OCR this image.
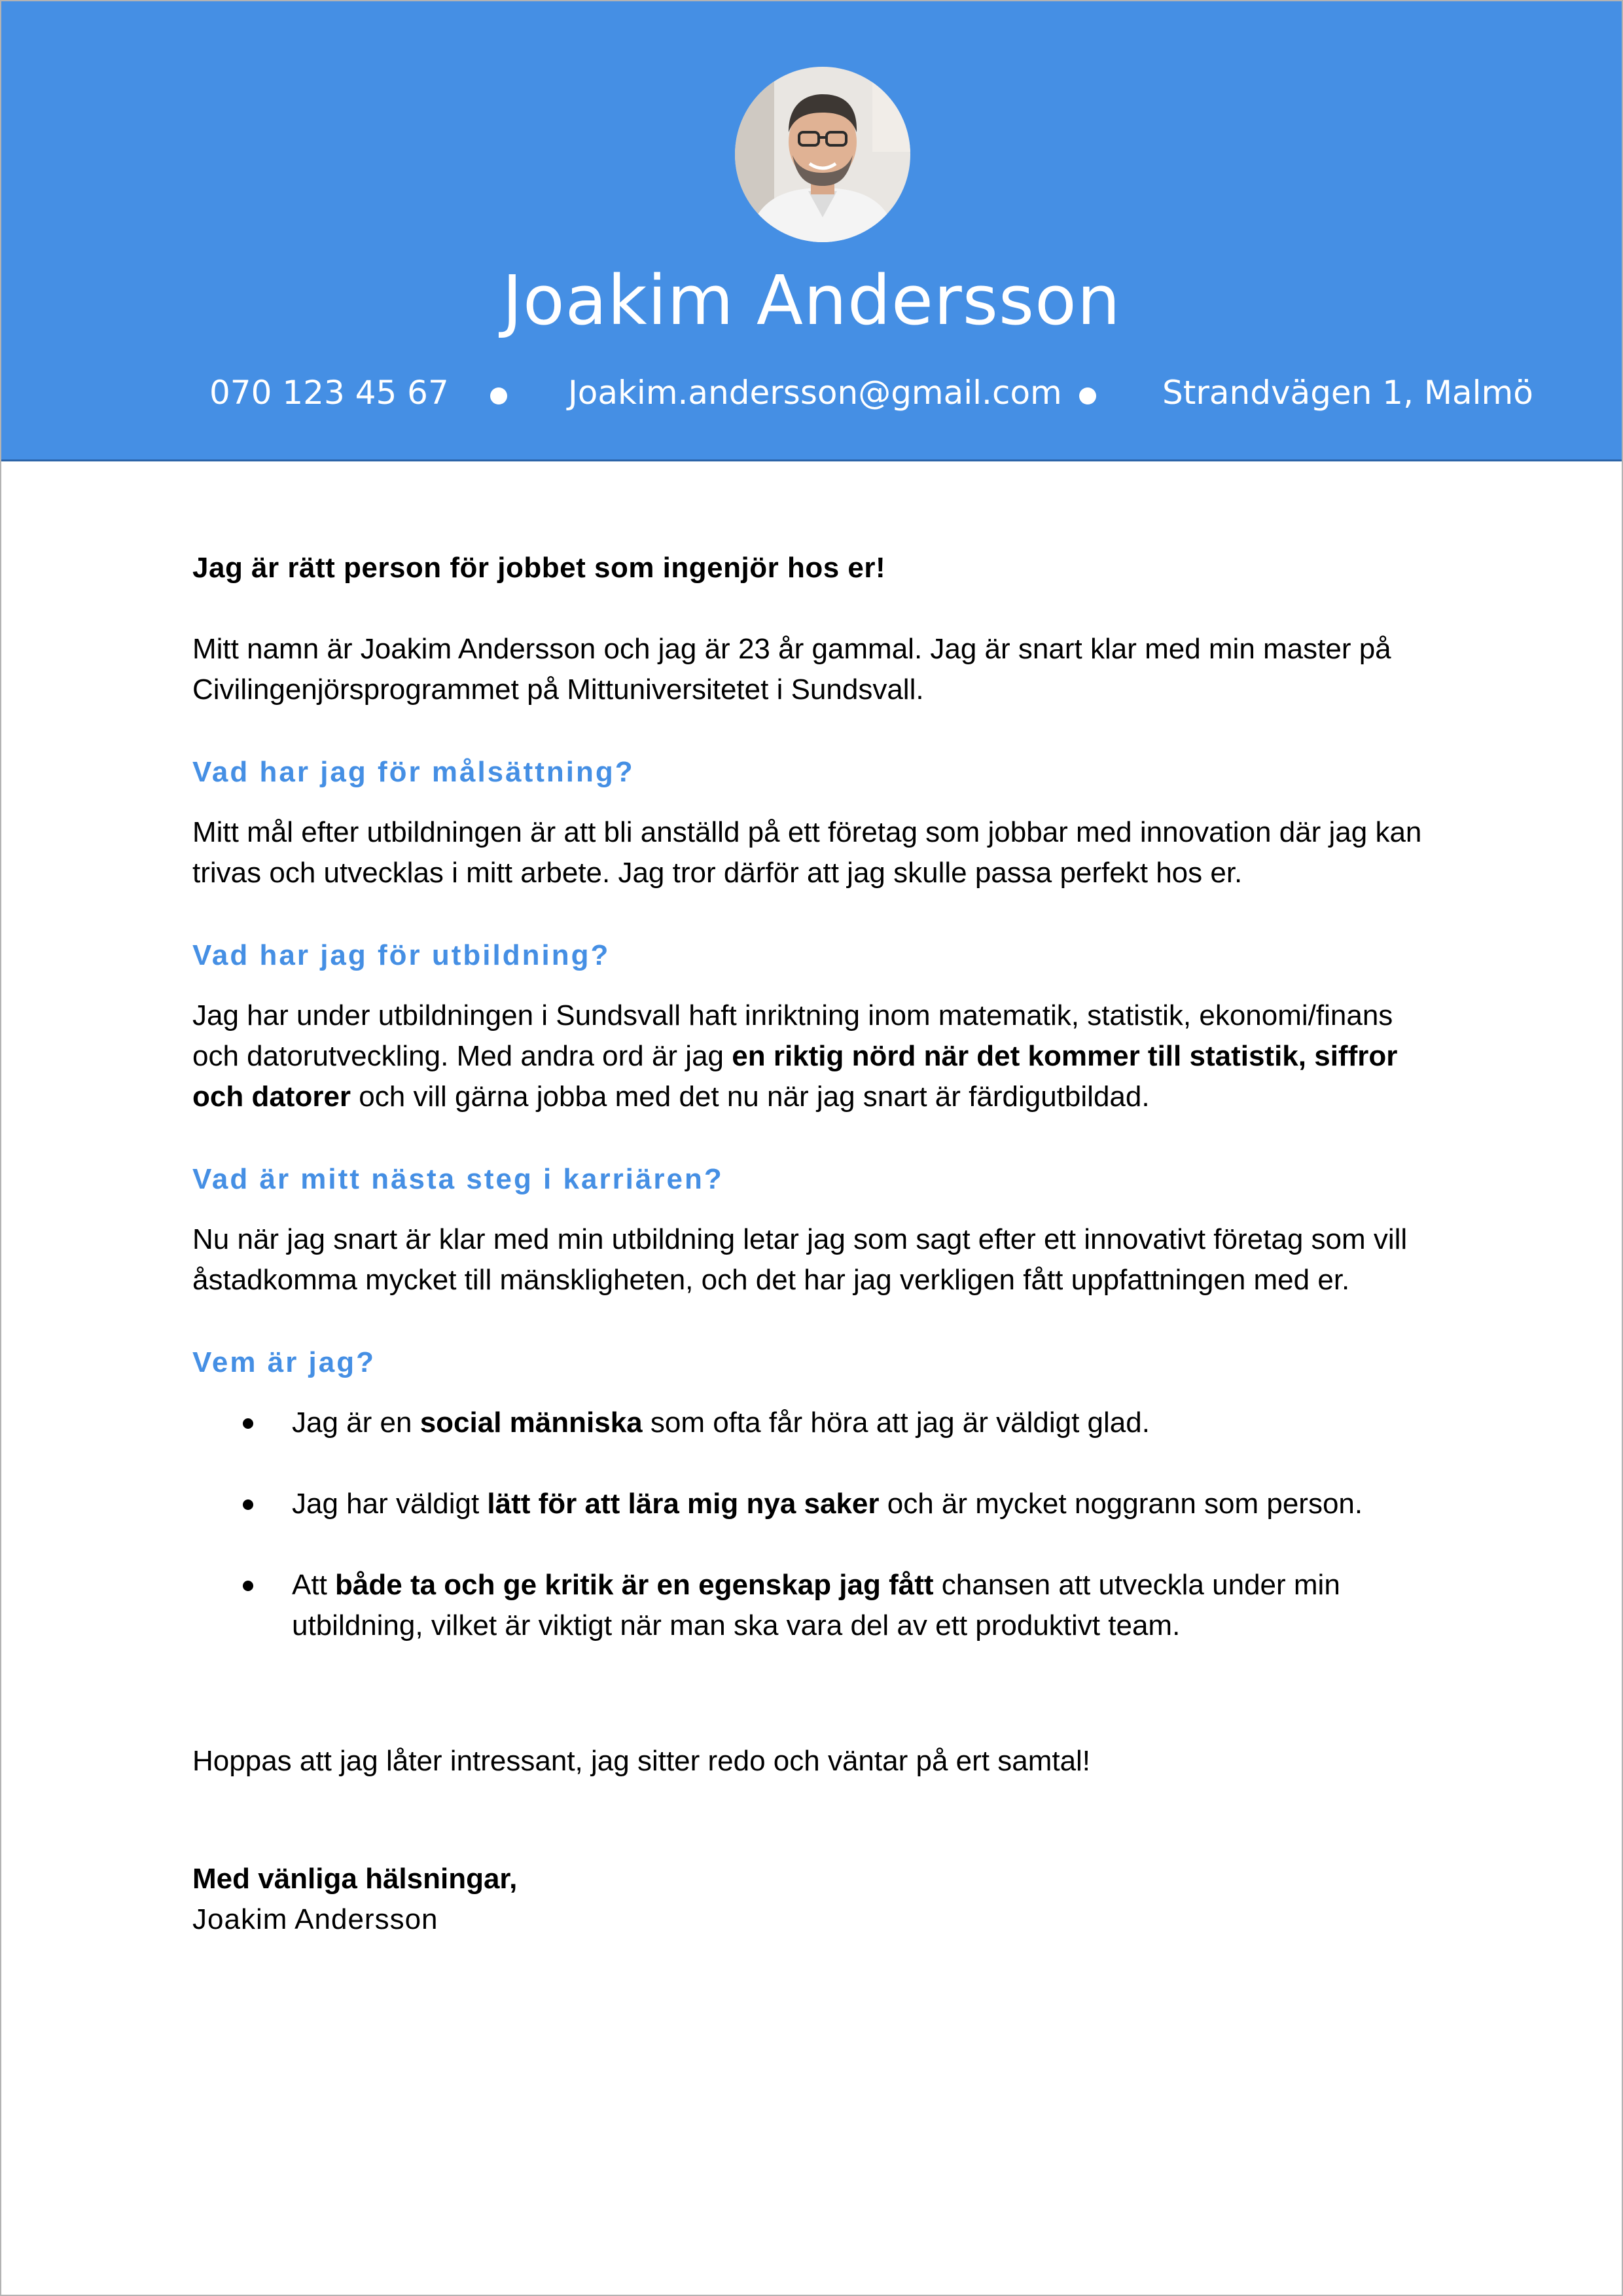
Joakim Andersson
070 123 45 67	Joakim.andersson@gmail.com	Strandvägen 1, Malmö

Jag är rätt person för jobbet som ingenjör hos er!

Mitt namn är Joakim Andersson och jag är 23 år gammal. Jag är snart klar med min master på Civilingenjörsprogrammet på Mittuniversitetet i Sundsvall.

Vad har jag för målsättning?

Mitt mål efter utbildningen är att bli anställd på ett företag som jobbar med innovation där jag kan trivas och utvecklas i mitt arbete. Jag tror därför att jag skulle passa perfekt hos er.

Vad har jag för utbildning?

Jag har under utbildningen i Sundsvall haft inriktning inom matematik, statistik, ekonomi/finans och datorutveckling. Med andra ord är jag en riktig nörd när det kommer till statistik, siffror och datorer och vill gärna jobba med det nu när jag snart är färdigutbildad.

Vad är mitt nästa steg i karriären?

Nu när jag snart är klar med min utbildning letar jag som sagt efter ett innovativt företag som vill åstadkomma mycket till mänskligheten, och det har jag verkligen fått uppfattningen med er.

Vem är jag?

Jag är en social människa som ofta får höra att jag är väldigt glad.
Jag har väldigt lätt för att lära mig nya saker och är mycket noggrann som person.
Att både ta och ge kritik är en egenskap jag fått chansen att utveckla under min utbildning, vilket är viktigt när man ska vara del av ett produktivt team.

Hoppas att jag låter intressant, jag sitter redo och väntar på ert samtal!

Med vänliga hälsningar,

Joakim Andersson
